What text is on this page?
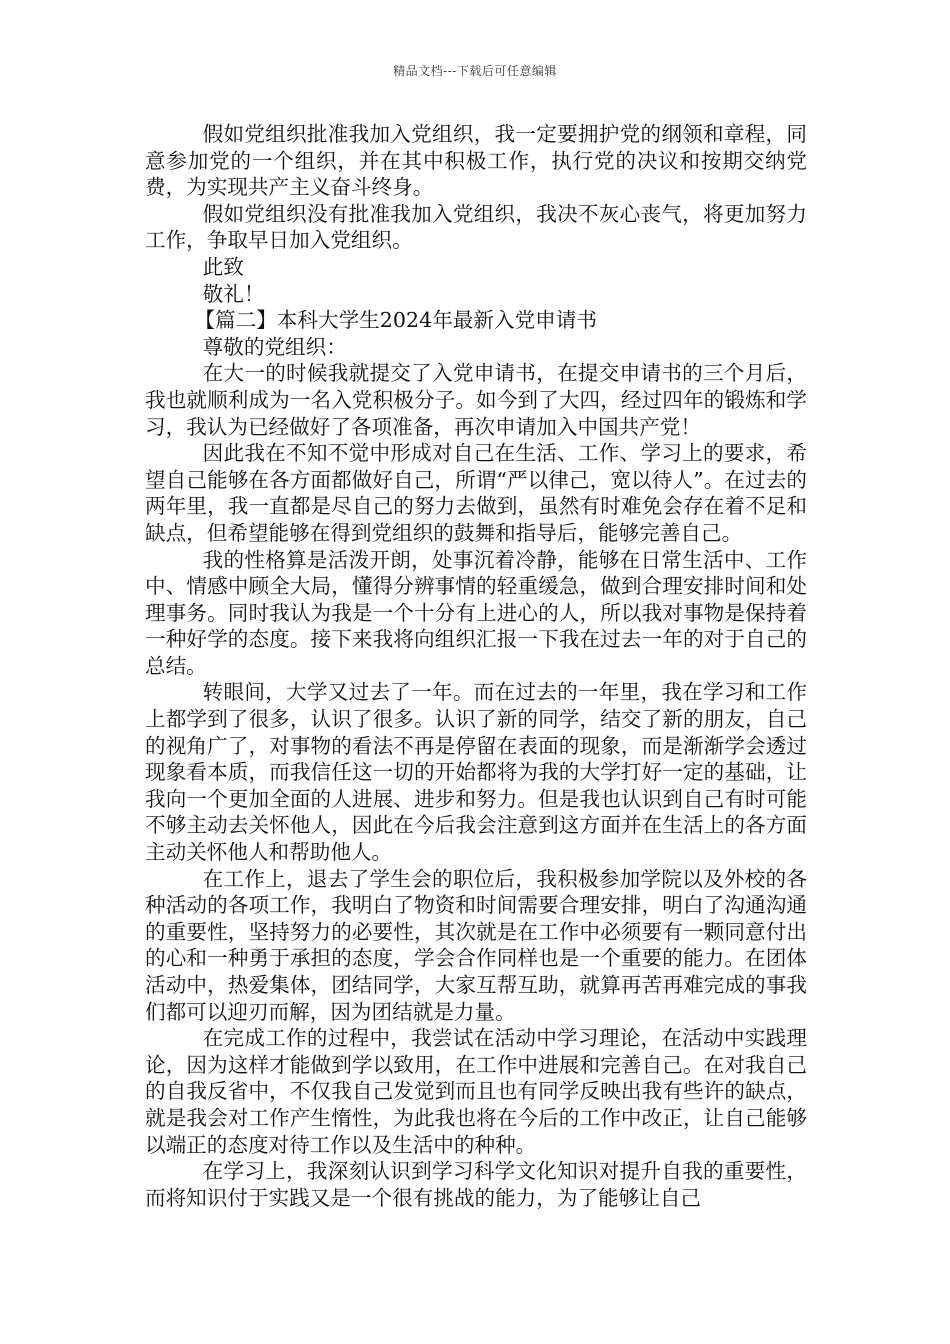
精品文档---下载后可任意编辑

假如党组织批准我加入党组织，我一定要拥护党的纲领和章程，同意参加党的一个组织，并在其中积极工作，执行党的决议和按期交纳党费，为实现共产主义奋斗终身。

假如党组织没有批准我加入党组织，我决不灰心丧气，将更加努力工作，争取早日加入党组织。

此致

敬礼！

【篇二】本科大学生2024年最新入党申请书

尊敬的党组织：

在大一的时候我就提交了入党申请书，在提交申请书的三个月后，我也就顺利成为一名入党积极分子。如今到了大四，经过四年的锻炼和学习，我认为已经做好了各项准备，再次申请加入中国共产党！

因此我在不知不觉中形成对自己在生活、工作、学习上的要求，希望自己能够在各方面都做好自己，所谓“严以律己，宽以待人”。在过去的两年里，我一直都是尽自己的努力去做到，虽然有时难免会存在着不足和缺点，但希望能够在得到党组织的鼓舞和指导后，能够完善自己。

我的性格算是活泼开朗，处事沉着冷静，能够在日常生活中、工作中、情感中顾全大局，懂得分辨事情的轻重缓急，做到合理安排时间和处理事务。同时我认为我是一个十分有上进心的人，所以我对事物是保持着一种好学的态度。接下来我将向组织汇报一下我在过去一年的对于自己的总结。

转眼间，大学又过去了一年。而在过去的一年里，我在学习和工作上都学到了很多，认识了很多。认识了新的同学，结交了新的朋友，自己的视角广了，对事物的看法不再是停留在表面的现象，而是渐渐学会透过现象看本质，而我信任这一切的开始都将为我的大学打好一定的基础，让我向一个更加全面的人进展、进步和努力。但是我也认识到自己有时可能不够主动去关怀他人，因此在今后我会注意到这方面并在生活上的各方面主动关怀他人和帮助他人。

在工作上，退去了学生会的职位后，我积极参加学院以及外校的各种活动的各项工作，我明白了物资和时间需要合理安排，明白了沟通沟通的重要性，坚持努力的必要性，其次就是在工作中必须要有一颗同意付出的心和一种勇于承担的态度，学会合作同样也是一个重要的能力。在团体活动中，热爱集体，团结同学，大家互帮互助，就算再苦再难完成的事我们都可以迎刃而解，因为团结就是力量。

在完成工作的过程中，我尝试在活动中学习理论，在活动中实践理论，因为这样才能做到学以致用，在工作中进展和完善自己。在对我自己的自我反省中，不仅我自己发觉到而且也有同学反映出我有些许的缺点，就是我会对工作产生惰性，为此我也将在今后的工作中改正，让自己能够以端正的态度对待工作以及生活中的种种。

在学习上，我深刻认识到学习科学文化知识对提升自我的重要性，而将知识付于实践又是一个很有挑战的能力，为了能够让自己
